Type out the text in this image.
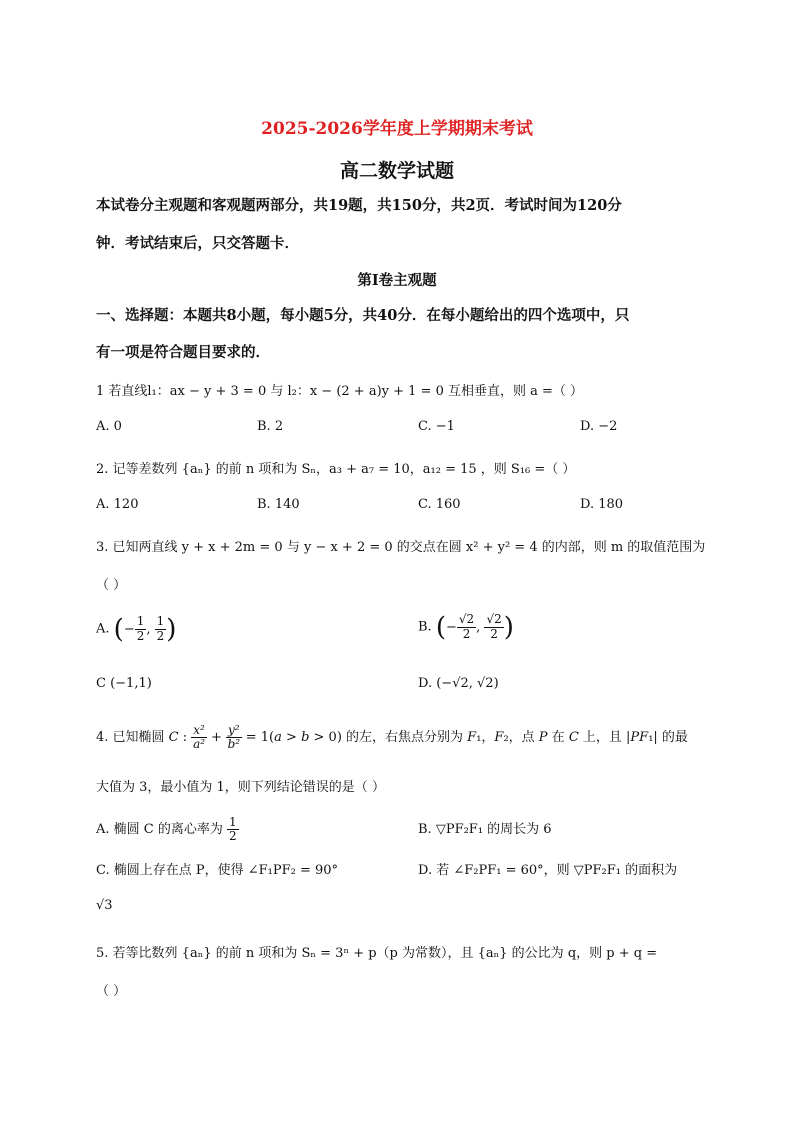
2025-2026学年度上学期期末考试
高二数学试题
本试卷分主观题和客观题两部分，共19题，共150分，共2页．考试时间为120分
钟．考试结束后，只交答题卡．
第I卷主观题
一、选择题：本题共8小题，每小题5分，共40分．在每小题给出的四个选项中，只
有一项是符合题目要求的．
1 若直线l₁：ax − y + 3 = 0 与 l₂：x − (2 + a)y + 1 = 0 互相垂直，则 a =（ ）
A. 0	B. 2	C. −1	D. −2
2. 记等差数列 {aₙ} 的前 n 项和为 Sₙ，a₃ + a₇ = 10，a₁₂ = 15 ，则 S₁₆ =（ ）
A. 120	B. 140	C. 160	D. 180
3. 已知两直线 y + x + 2m = 0 与 y − x + 2 = 0 的交点在圆 x² + y² = 4 的内部，则 m 的取值范围为
（ ）
A. (− $\frac{1}{2}$ , $\frac{1}{2}$ )	B. (− $\frac{√2}{2}$ , $\frac{√2}{2}$ )
C (−1,1)	D. (−√2, √2)
4. 已知椭圆 C : $\frac{\text{x²}}{\text{a²}} + \frac{\text{y²}}{\text{b²}} = 1(a > b > 0)$ 的左，右焦点分别为 F₁，F₂，点 P 在 C 上，且 |PF₁| 的最
大值为 3，最小值为 1，则下列结论错误的是（ ）
A. 椭圆 C 的离心率为 $\frac{1}{2}$	B. ▽PF₂F₁ 的周长为 6
C. 椭圆上存在点 P，使得 ∠F₁PF₂ = 90°	D. 若 ∠F₂PF₁ = 60°，则 ▽PF₂F₁ 的面积为
√3
5. 若等比数列 {aₙ} 的前 n 项和为 Sₙ = 3ⁿ + p（p 为常数），且 {aₙ} 的公比为 q，则 p + q =
（ ）
